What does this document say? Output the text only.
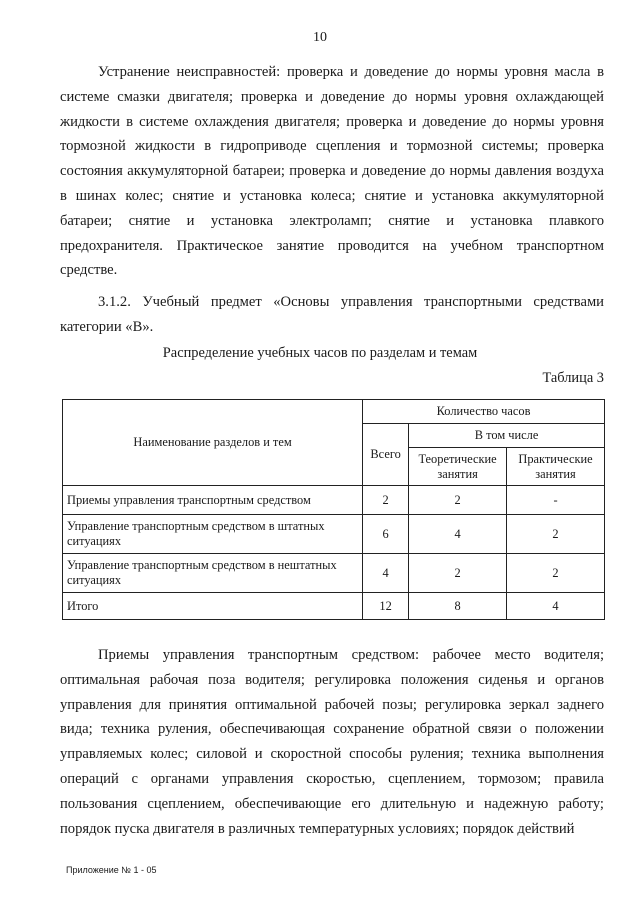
10
Устранение неисправностей: проверка и доведение до нормы уровня масла в системе смазки двигателя; проверка и доведение до нормы уровня охлаждающей жидкости в системе охлаждения двигателя; проверка и доведение до нормы уровня тормозной жидкости в гидроприводе сцепления и тормозной системы; проверка состояния аккумуляторной батареи; проверка и доведение до нормы давления воздуха в шинах колес; снятие и установка колеса; снятие и установка аккумуляторной батареи; снятие и установка электроламп; снятие и установка плавкого предохранителя. Практическое занятие проводится на учебном транспортном средстве.
3.1.2. Учебный предмет «Основы управления транспортными средствами категории «В».
Распределение учебных часов по разделам и темам
Таблица 3
Наименование разделов и тем	Количество часов		
	Всего	В том числе	
		Теоретические занятия	Практические занятия
Приемы управления транспортным средством	2	2	-
Управление транспортным средством в штатных ситуациях	6	4	2
Управление транспортным средством в нештатных ситуациях	4	2	2
Итого	12	8	4
Приемы управления транспортным средством: рабочее место водителя; оптимальная рабочая поза водителя; регулировка положения сиденья и органов управления для принятия оптимальной рабочей позы; регулировка зеркал заднего вида; техника руления, обеспечивающая сохранение обратной связи о положении управляемых колес; силовой и скоростной способы руления; техника выполнения операций с органами управления скоростью, сцеплением, тормозом; правила пользования сцеплением, обеспечивающие его длительную и надежную работу; порядок пуска двигателя в различных температурных условиях; порядок действий
Приложение № 1 - 05
